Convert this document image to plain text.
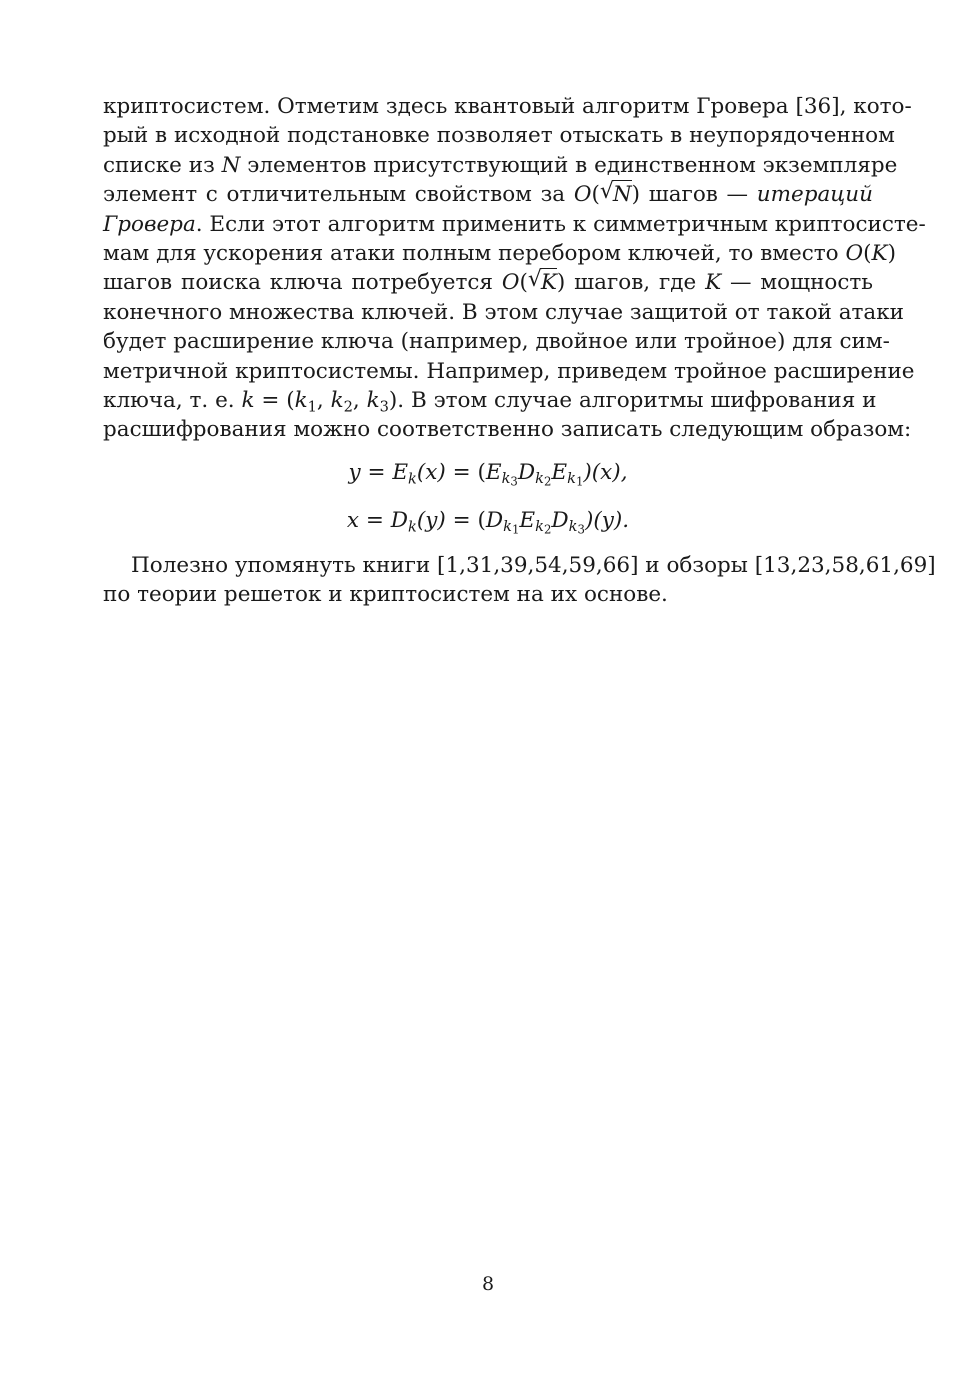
криптосистем. Отметим здесь квантовый алгоритм Гровера [36], кото-
рый в исходной подстановке позволяет отыскать в неупорядоченном
списке из N элементов присутствующий в единственном экземпляре
элемент с отличительным свойством за O( √
N) шагов — итераций
Гровера. Если этот алгоритм применить к симметричным криптосисте-
мам для ускорения атаки полным перебором ключей, то вместо O(K)
шагов поиска ключа потребуется O( √
K) шагов, где K — мощность
конечного множества ключей. В этом случае защитой от такой атаки
будет расширение ключа (например, двойное или тройное) для сим-
метричной криптосистемы. Например, приведем тройное расширение
ключа, т. е. $k = (k_1$, $k_2$, $k_3$). В этом случае алгоритмы шифрования и
расшифрования можно соответственно записать следующим образом:
$y = E_k(x) = (E_{k_3}D_{k_2}E_{k_1})(x)$,
$x = D_k(y) = (D_{k_1}E_{k_2}D_{k_3})(y)$.
Полезно упомянуть книги [1,31,39,54,59,66] и обзоры [13,23,58,61,69]
по теории решеток и криптосистем на их основе.
8
